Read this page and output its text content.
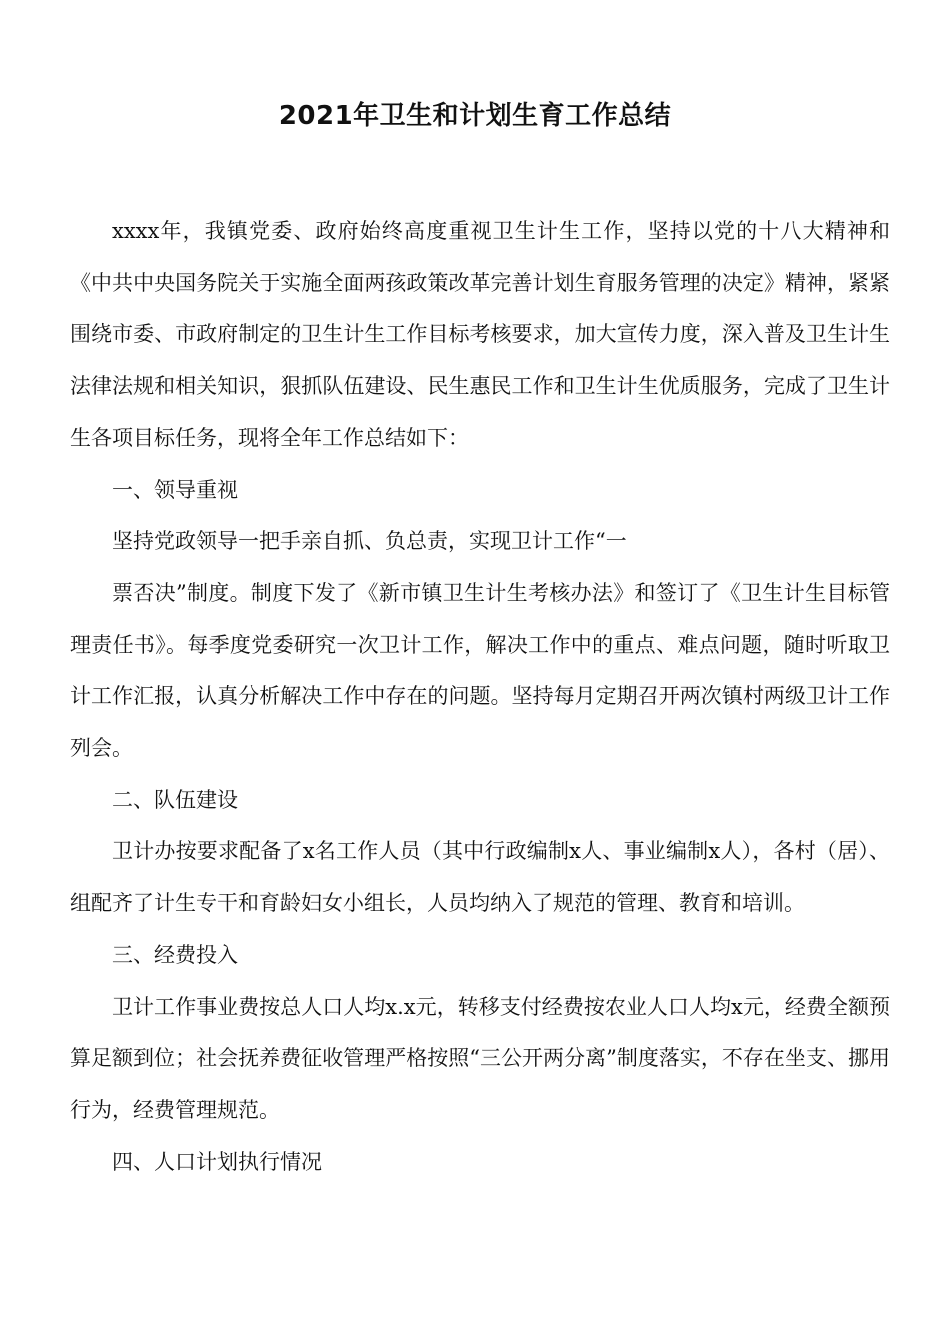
2021年卫生和计划生育工作总结

xxxx年，我镇党委、政府始终高度重视卫生计生工作，坚持以党的十八大精神和《中共中央国务院关于实施全面两孩政策改革完善计划生育服务管理的决定》精神，紧紧围绕市委、市政府制定的卫生计生工作目标考核要求，加大宣传力度，深入普及卫生计生法律法规和相关知识，狠抓队伍建设、民生惠民工作和卫生计生优质服务，完成了卫生计生各项目标任务，现将全年工作总结如下：

一、领导重视

坚持党政领导一把手亲自抓、负总责，实现卫计工作“一

票否决”制度。制度下发了《新市镇卫生计生考核办法》和签订了《卫生计生目标管理责任书》。每季度党委研究一次卫计工作，解决工作中的重点、难点问题，随时听取卫计工作汇报，认真分析解决工作中存在的问题。坚持每月定期召开两次镇村两级卫计工作列会。

二、队伍建设

卫计办按要求配备了x名工作人员（其中行政编制x人、事业编制x人），各村（居）、组配齐了计生专干和育龄妇女小组长，人员均纳入了规范的管理、教育和培训。

三、经费投入

卫计工作事业费按总人口人均x.x元，转移支付经费按农业人口人均x元，经费全额预算足额到位；社会抚养费征收管理严格按照“三公开两分离”制度落实，不存在坐支、挪用行为，经费管理规范。

四、人口计划执行情况
